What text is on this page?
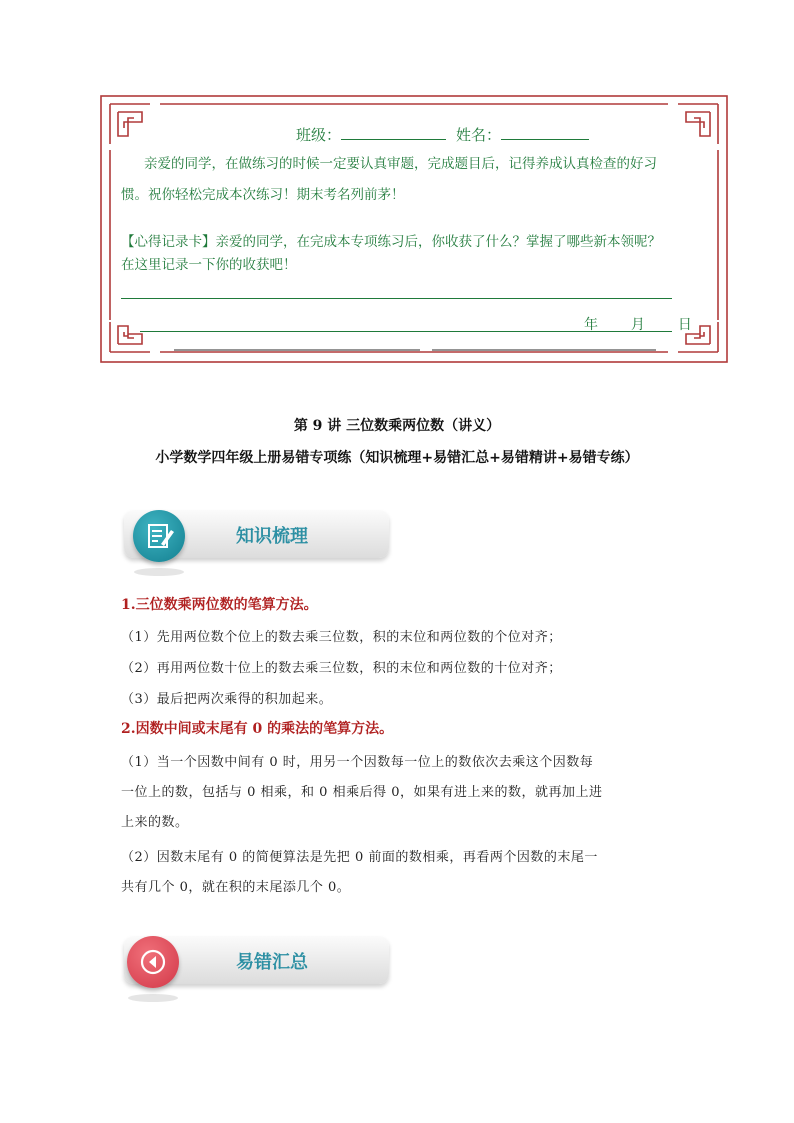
班级：	姓名：
亲爱的同学，在做练习的时候一定要认真审题，完成题目后，记得养成认真检查的好习
惯。祝你轻松完成本次练习！期末考名列前茅！
【心得记录卡】亲爱的同学，在完成本专项练习后，你收获了什么？掌握了哪些新本领呢？
在这里记录一下你的收获吧！
年 月 日
第 9 讲 三位数乘两位数（讲义）
小学数学四年级上册易错专项练（知识梳理+易错汇总+易错精讲+易错专练）
知识梳理
1.三位数乘两位数的笔算方法。
（1）先用两位数个位上的数去乘三位数，积的末位和两位数的个位对齐；
（2）再用两位数十位上的数去乘三位数，积的末位和两位数的十位对齐；
（3）最后把两次乘得的积加起来。
2.因数中间或末尾有 0 的乘法的笔算方法。
（1）当一个因数中间有 0 时，用另一个因数每一位上的数依次去乘这个因数每
一位上的数，包括与 0 相乘，和 0 相乘后得 0，如果有进上来的数，就再加上进
上来的数。
（2）因数末尾有 0 的简便算法是先把 0 前面的数相乘，再看两个因数的末尾一
共有几个 0，就在积的末尾添几个 0。
易错汇总
